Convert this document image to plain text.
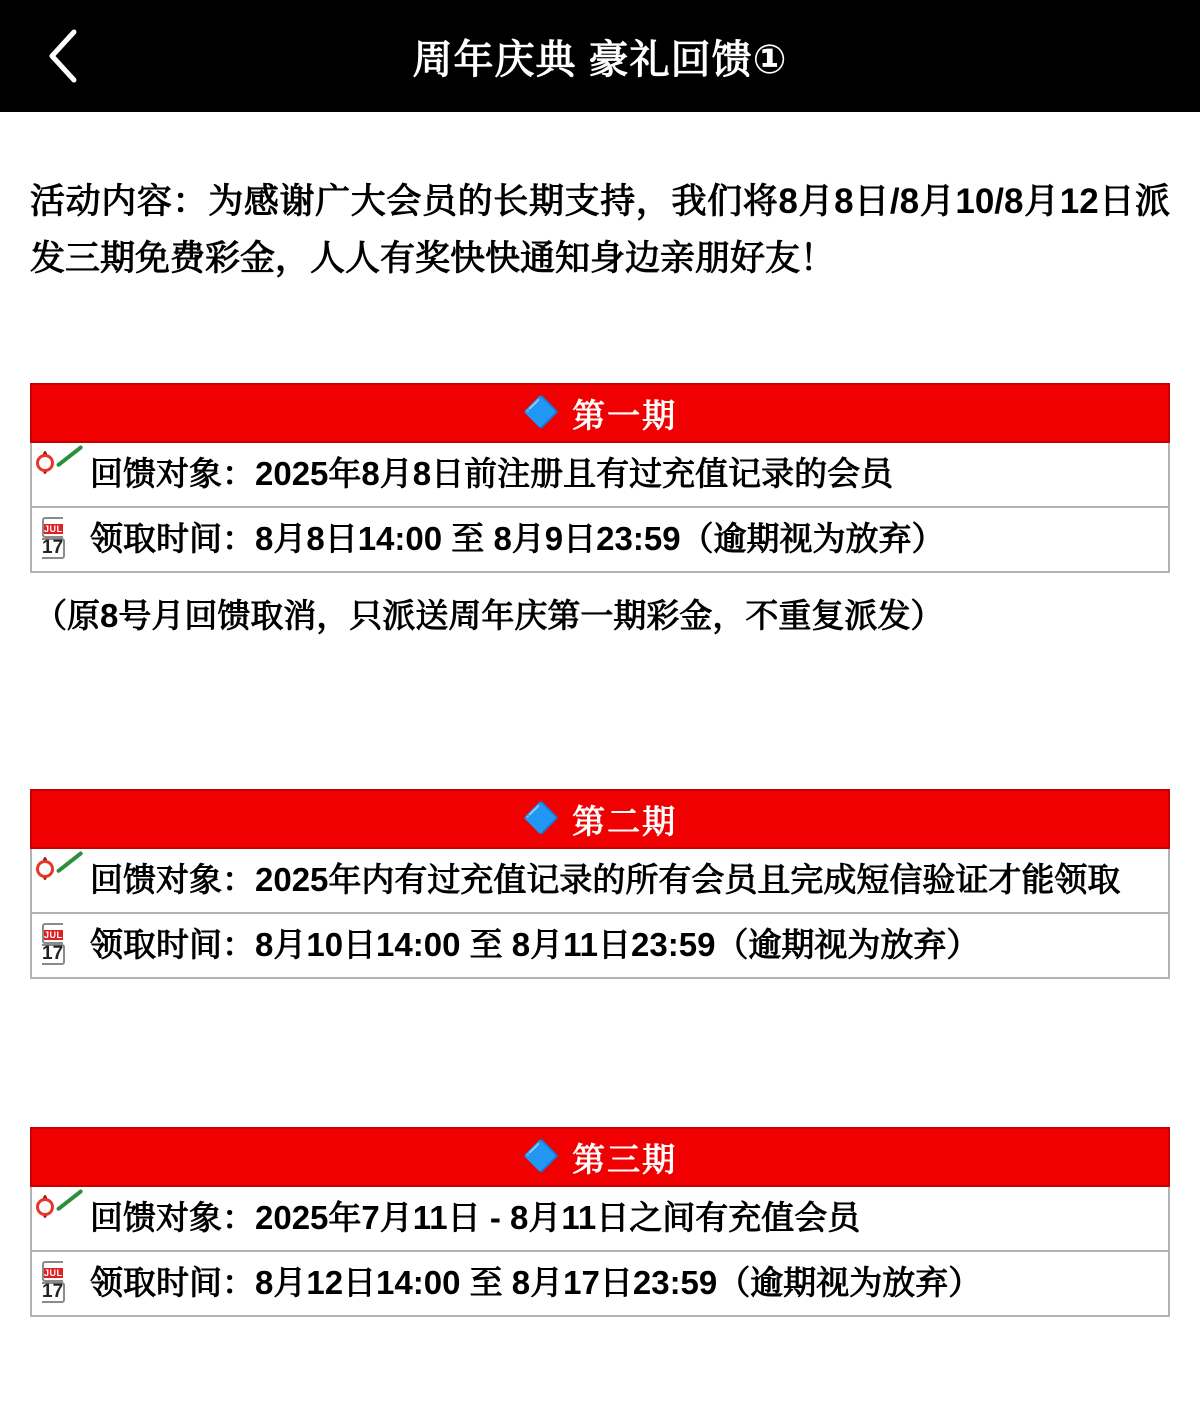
周年庆典 豪礼回馈①
活动内容：为感谢广大会员的长期支持，我们将8月8日/8月10/8月12日派发三期免费彩金，人人有奖快快通知身边亲朋好友！
🔷 第一期
回馈对象：2025年8月8日前注册且有过充值记录的会员
JUL 17 领取时间：8月8日14:00 至 8月9日23:59（逾期视为放弃）
（原8号月回馈取消，只派送周年庆第一期彩金，不重复派发）
🔷 第二期
回馈对象：2025年内有过充值记录的所有会员且完成短信验证才能领取
JUL 17 领取时间：8月10日14:00 至 8月11日23:59（逾期视为放弃）
🔷 第三期
回馈对象：2025年7月11日 - 8月11日之间有充值会员
JUL 17 领取时间：8月12日14:00 至 8月17日23:59（逾期视为放弃）
